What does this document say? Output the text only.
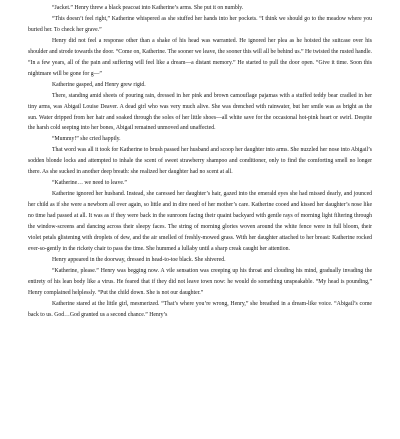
“Jacket.” Henry threw a black peacoat into Katherine’s arms. She put it on numbly.

“This doesn’t feel right,” Katherine whispered as she stuffed her hands into her pockets. “I think we should go to the meadow where you buried her. To check her grave.”

Henry did not feel a response other than a shake of his head was warranted. He ignored her plea as he hoisted the suitcase over his shoulder and strode towards the door. “Come on, Katherine. The sooner we leave, the sooner this will all be behind us.” He twisted the rusted handle. “In a few years, all of the pain and suffering will feel like a dream—a distant memory.” He started to pull the door open. “Give it time. Soon this nightmare will be gone for g—”

Katherine gasped, and Henry grew rigid.

There, standing amid sheets of pouring rain, dressed in her pink and brown camouflage pajamas with a stuffed teddy bear cradled in her tiny arms, was Abigail Louise Deaver. A dead girl who was very much alive. She was drenched with rainwater, but her smile was as bright as the sun. Water dripped from her hair and soaked through the soles of her little shoes—all white save for the occasional hot-pink heart or swirl. Despite the harsh cold seeping into her bones, Abigail remained unmoved and unaffected.

“Mummy!” she cried happily.

That word was all it took for Katherine to brush passed her husband and scoop her daughter into arms. She nuzzled her nose into Abigail’s sodden blonde locks and attempted to inhale the scent of sweet strawberry shampoo and conditioner, only to find the comforting smell no longer there. As she sucked in another deep breath: she realized her daughter had no scent at all.

“Katherine… we need to leave.”

Katherine ignored her husband. Instead, she caressed her daughter’s hair, gazed into the emerald eyes she had missed dearly, and jounced her child as if she were a newborn all over again, so little and in dire need of her mother’s care. Katherine cooed and kissed her daughter’s nose like no time had passed at all. It was as if they were back in the sunroom facing their quaint backyard with gentle rays of morning light filtering through the window-screens and dancing across their sleepy faces. The string of morning glories woven around the white fence were in full bloom, their violet petals glistening with droplets of dew, and the air smelled of freshly-mowed grass. With her daughter attached to her breast: Katherine rocked ever-so-gently in the rickety chair to pass the time. She hummed a lullaby until a sharp creak caught her attention.

Henry appeared in the doorway, dressed in head-to-toe black. She shivered.

“Katherine, please.” Henry was begging now. A vile sensation was creeping up his throat and clouding his mind, gradually invading the entirety of his lean body like a virus. He feared that if they did not leave town now: he would do something unspeakable. “My head is pounding,” Henry complained helplessly. “Put the child down. She is not our daughter.”

Katherine stared at the little girl, mesmerized. “That’s where you’re wrong, Henry,” she breathed in a dream-like voice. “Abigail’s come back to us. God…God granted us a second chance.” Henry’s
